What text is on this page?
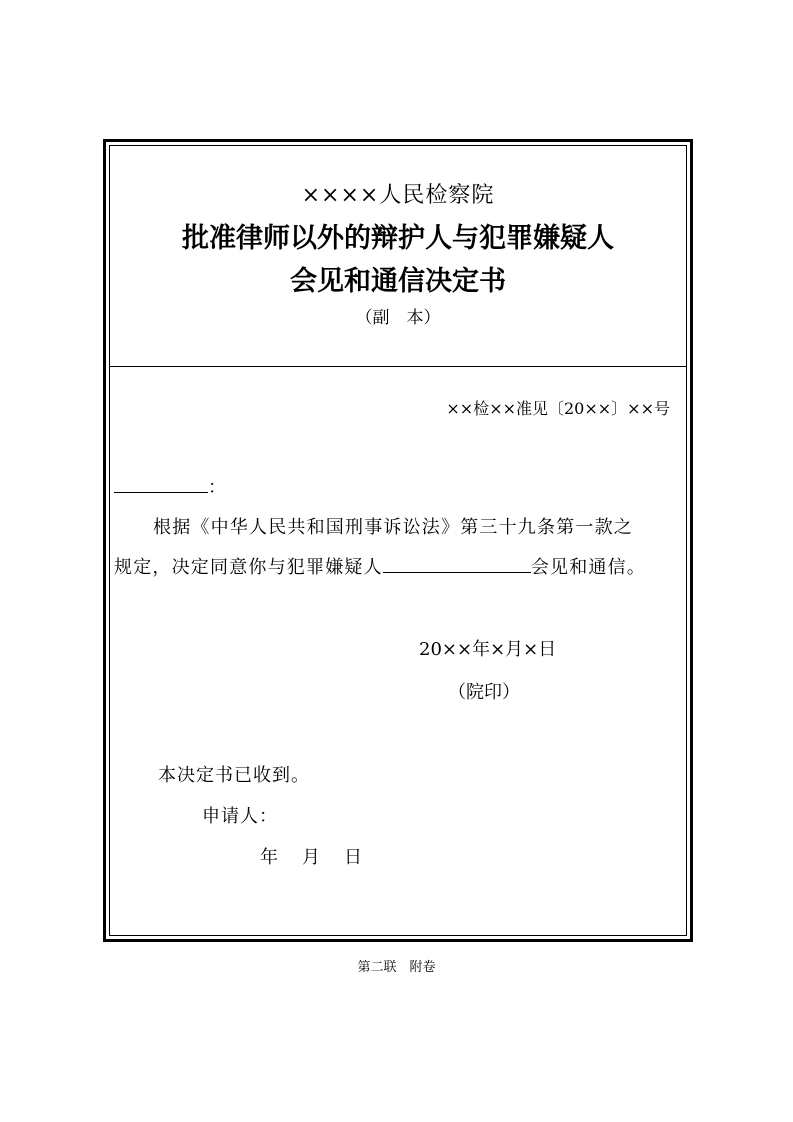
××××人民检察院
批准律师以外的辩护人与犯罪嫌疑人
会见和通信决定书
（副　本）
××检××准见〔20××〕××号
：
根据《中华人民共和国刑事诉讼法》第三十九条第一款之
规定，决定同意你与犯罪嫌疑人	会见和通信。
20××年×月×日
（院印）
本决定书已收到。
申请人：
年 月 日
第二联　附卷
